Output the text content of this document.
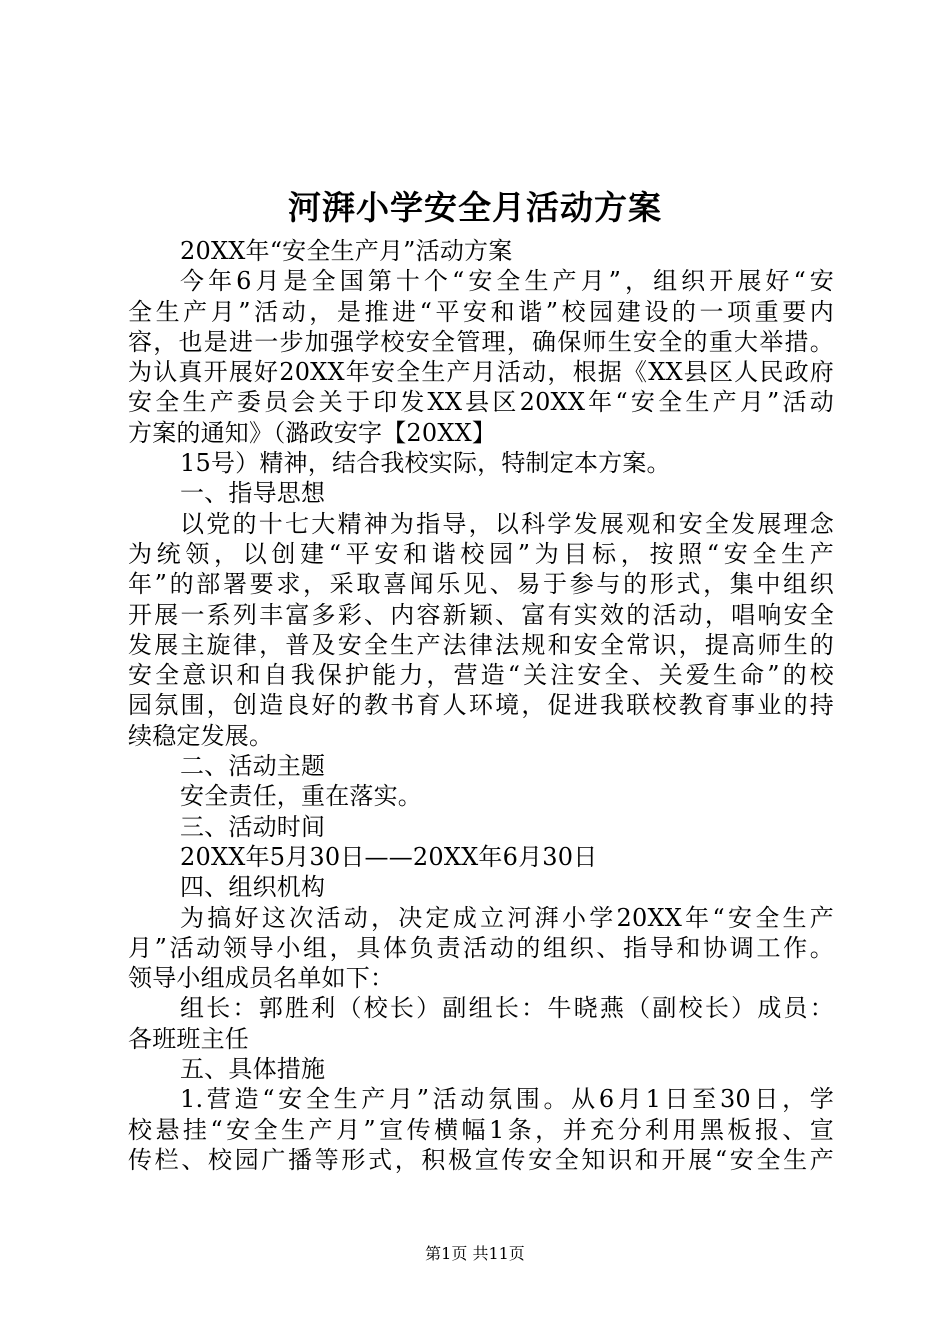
河湃小学安全月活动方案

20XX年“安全生产月”活动方案

今年6月是全国第十个“安全生产月”，组织开展好“安

全生产月”活动，是推进“平安和谐”校园建设的一项重要内

容，也是进一步加强学校安全管理，确保师生安全的重大举措。

为认真开展好20XX年安全生产月活动，根据《XX县区人民政府

安全生产委员会关于印发XX县区20XX年“安全生产月”活动

方案的通知》（潞政安字【20XX】

15号）精神，结合我校实际，特制定本方案。

一、指导思想

以党的十七大精神为指导，以科学发展观和安全发展理念

为统领，以创建“平安和谐校园”为目标，按照“安全生产

年”的部署要求，采取喜闻乐见、易于参与的形式，集中组织

开展一系列丰富多彩、内容新颖、富有实效的活动，唱响安全

发展主旋律，普及安全生产法律法规和安全常识，提高师生的

安全意识和自我保护能力，营造“关注安全、关爱生命”的校

园氛围，创造良好的教书育人环境，促进我联校教育事业的持

续稳定发展。

二、活动主题

安全责任，重在落实。

三、活动时间

20XX年5月30日——20XX年6月30日

四、组织机构

为搞好这次活动，决定成立河湃小学20XX年“安全生产

月”活动领导小组，具体负责活动的组织、指导和协调工作。

领导小组成员名单如下：

组长：郭胜利（校长）副组长：牛晓燕（副校长）成员：

各班班主任

五、具体措施

1.营造“安全生产月”活动氛围。从6月1日至30日，学

校悬挂“安全生产月”宣传横幅1条，并充分利用黑板报、宣

传栏、校园广播等形式，积极宣传安全知识和开展“安全生产

第1页 共11页
